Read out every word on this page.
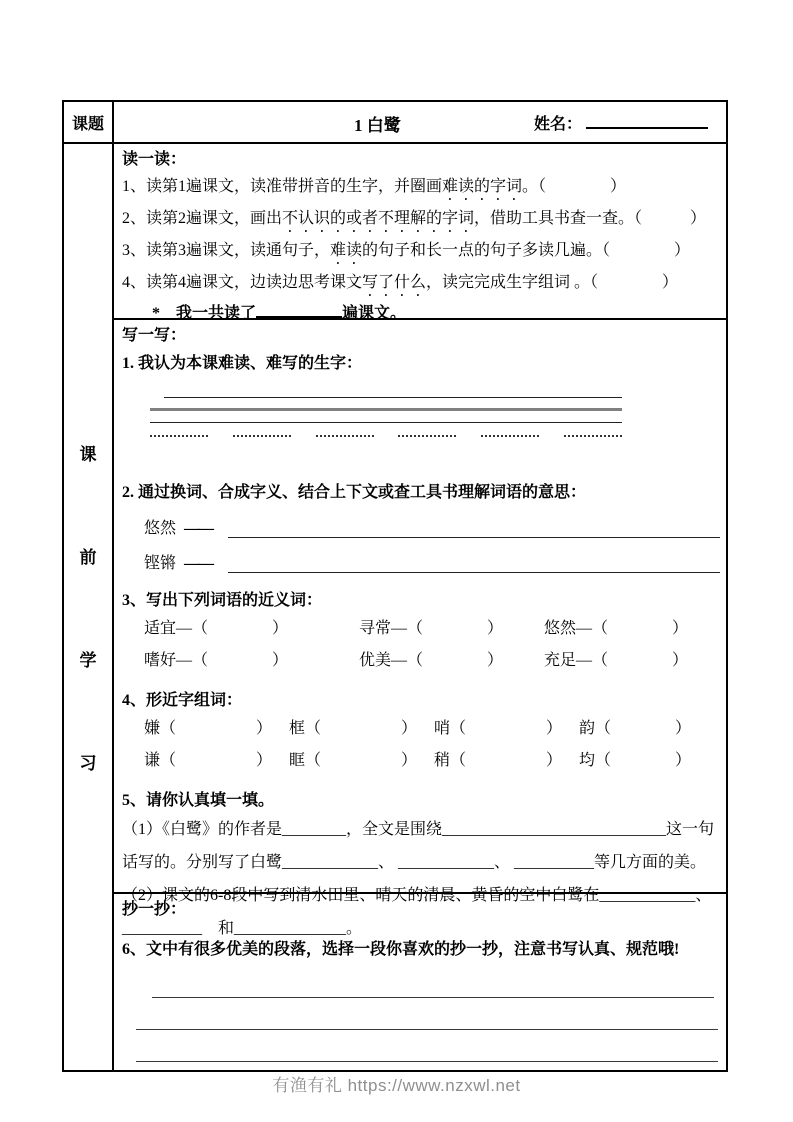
课题
课
前
学
习
1 白鹭	姓名：
读一读：
1、读第1遍课文，读准带拼音的生字，并圈画难读的字词。（　　　　）
2、读第2遍课文，画出不认识的或者不理解的字词，借助工具书查一查。（　　　）
3、读第3遍课文，读通句子，难读的句子和长一点的句子多读几遍。（　　　　）
4、读第4遍课文，边读边思考课文写了什么，读完完成生字组词 。（　　　　）
*　我一共读了	遍课文。
写一写：
1. 我认为本课难读、难写的生字：
2. 通过换词、合成字义、结合上下文或查工具书理解词语的意思：
悠然 ——
铿锵 ——
3、写出下列词语的近义词：
适宜—（　　　　）	寻常—（　　　　）	悠然—（　　　　）
嗜好—（　　　　）	优美—（　　　　）	充足—（　　　　）
4、形近字组词：
嫌（　　　　　）	框（　　　　　）	哨（　　　　　）	韵（　　　　）
谦（　　　　　）	眶（　　　　　）	稍（　　　　　）	均（　　　　）
5、请你认真填一填。
（1）《白鹭》的作者是________，全文是围绕____________________________这一句
话写的。分别写了白鹭____________、 ____________、 __________等几方面的美。
（2）课文的6-8段中写到清水田里、晴天的清晨、黄昏的空中白鹭在____________、
__________　和______________。
抄一抄：
6、文中有很多优美的段落，选择一段你喜欢的抄一抄，注意书写认真、规范哦!
有渔有礼 https://www.nzxwl.net
